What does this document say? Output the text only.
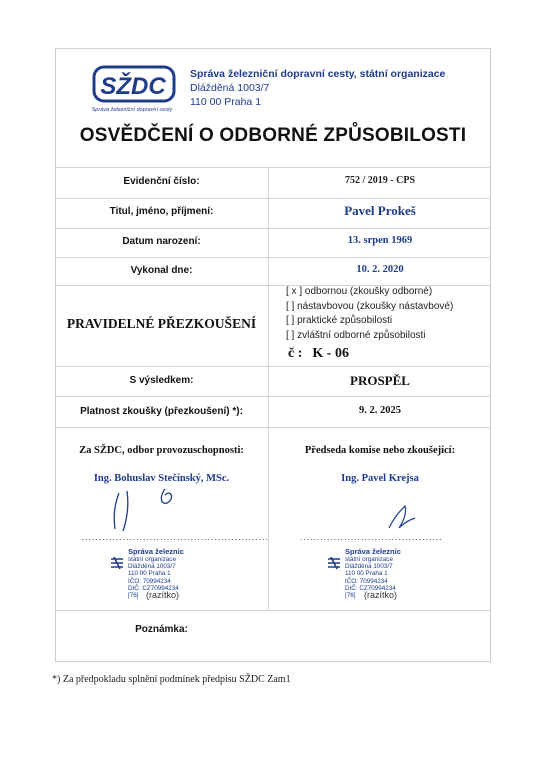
SŽDC
Správa železniční dopravní cesty
Správa železniční dopravní cesty, státní organizace
Dlážděná 1003/7
110 00 Praha 1
OSVĚDČENÍ O ODBORNÉ ZPŮSOBILOSTI
Evidenční číslo:	752 / 2019 - CPS
Titul, jméno, příjmení:	Pavel Prokeš
Datum narození:	13. srpen 1969
Vykonal dne:	10. 2. 2020
PRAVIDELNÉ PŘEZKOUŠENÍ
[ x ] odbornou (zkoušky odborné)
[ ] nástavbovou (zkoušky nástavbové)
[ ] praktické způsobilosti
[ ] zvláštní odborné způsobilosti
č : K - 06
S výsledkem:	PROSPĚL
Platnost zkoušky (přezkoušení) *):	9. 2. 2025
Za SŽDC, odbor provozuschopnosti:
Ing. Bohuslav Stečínský, MSc.
Předseda komise nebo zkoušející:
Ing. Pavel Krejsa
.......................................................	..........................................
Správa železnic
státní organizace
Dlážděná 1003/7
110 00 Praha 1
IČO: 70994234
DIČ: CZ70994234
[76] (razítko)
Správa železnic
státní organizace
Dlážděná 1003/7
110 00 Praha 1
IČO: 70994234
DIČ: CZ70994234
[76] (razítko)
Poznámka:
*) Za předpokladu splnění podmínek předpisu SŽDC Zam1
